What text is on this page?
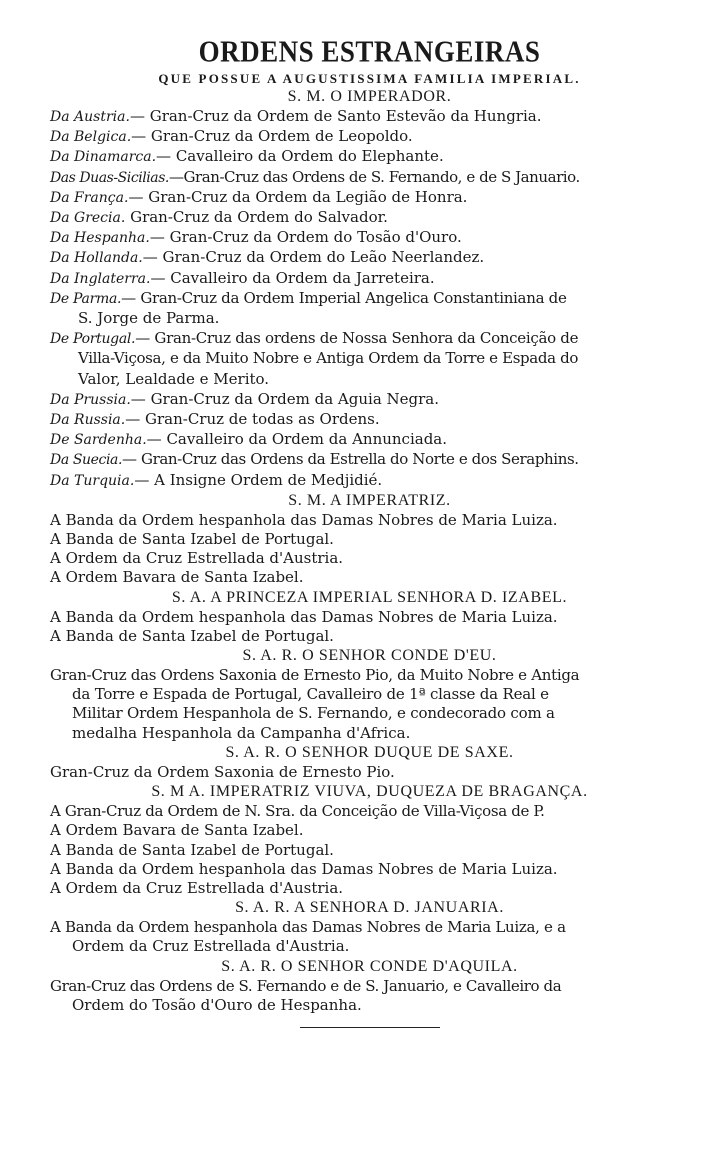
ORDENS ESTRANGEIRAS
QUE POSSUE A AUGUSTISSIMA FAMILIA IMPERIAL.
S. M. O IMPERADOR.
Da Austria.— Gran-Cruz da Ordem de Santo Estevão da Hungria.
Da Belgica.— Gran-Cruz da Ordem de Leopoldo.
Da Dinamarca.— Cavalleiro da Ordem do Elephante.
Das Duas-Sicilias.—Gran-Cruz das Ordens de S. Fernando, e de S Januario.
Da França.— Gran-Cruz da Ordem da Legião de Honra.
Da Grecia. Gran-Cruz da Ordem do Salvador.
Da Hespanha.— Gran-Cruz da Ordem do Tosão d'Ouro.
Da Hollanda.— Gran-Cruz da Ordem do Leão Neerlandez.
Da Inglaterra.— Cavalleiro da Ordem da Jarreteira.
De Parma.— Gran-Cruz da Ordem Imperial Angelica Constantiniana de
S. Jorge de Parma.
De Portugal.— Gran-Cruz das ordens de Nossa Senhora da Conceição de
Villa-Viçosa, e da Muito Nobre e Antiga Ordem da Torre e Espada do
Valor, Lealdade e Merito.
Da Prussia.— Gran-Cruz da Ordem da Aguia Negra.
Da Russia.— Gran-Cruz de todas as Ordens.
De Sardenha.— Cavalleiro da Ordem da Annunciada.
Da Suecia.— Gran-Cruz das Ordens da Estrella do Norte e dos Seraphins.
Da Turquia.— A Insigne Ordem de Medjidié.
S. M. A IMPERATRIZ.
A Banda da Ordem hespanhola das Damas Nobres de Maria Luiza.
A Banda de Santa Izabel de Portugal.
A Ordem da Cruz Estrellada d'Austria.
A Ordem Bavara de Santa Izabel.
S. A. A PRINCEZA IMPERIAL SENHORA D. IZABEL.
A Banda da Ordem hespanhola das Damas Nobres de Maria Luiza.
A Banda de Santa Izabel de Portugal.
S. A. R. O SENHOR CONDE D'EU.
Gran-Cruz das Ordens Saxonia de Ernesto Pio, da Muito Nobre e Antiga
da Torre e Espada de Portugal, Cavalleiro de 1ª classe da Real e
Militar Ordem Hespanhola de S. Fernando, e condecorado com a
medalha Hespanhola da Campanha d'Africa.
S. A. R. O SENHOR DUQUE DE SAXE.
Gran-Cruz da Ordem Saxonia de Ernesto Pio.
S. M A. IMPERATRIZ VIUVA, DUQUEZA DE BRAGANÇA.
A Gran-Cruz da Ordem de N. Sra. da Conceição de Villa-Viçosa de P.
A Ordem Bavara de Santa Izabel.
A Banda de Santa Izabel de Portugal.
A Banda da Ordem hespanhola das Damas Nobres de Maria Luiza.
A Ordem da Cruz Estrellada d'Austria.
S. A. R. A SENHORA D. JANUARIA.
A Banda da Ordem hespanhola das Damas Nobres de Maria Luiza, e a
Ordem da Cruz Estrellada d'Austria.
S. A. R. O SENHOR CONDE D'AQUILA.
Gran-Cruz das Ordens de S. Fernando e de S. Januario, e Cavalleiro da
Ordem do Tosão d'Ouro de Hespanha.
